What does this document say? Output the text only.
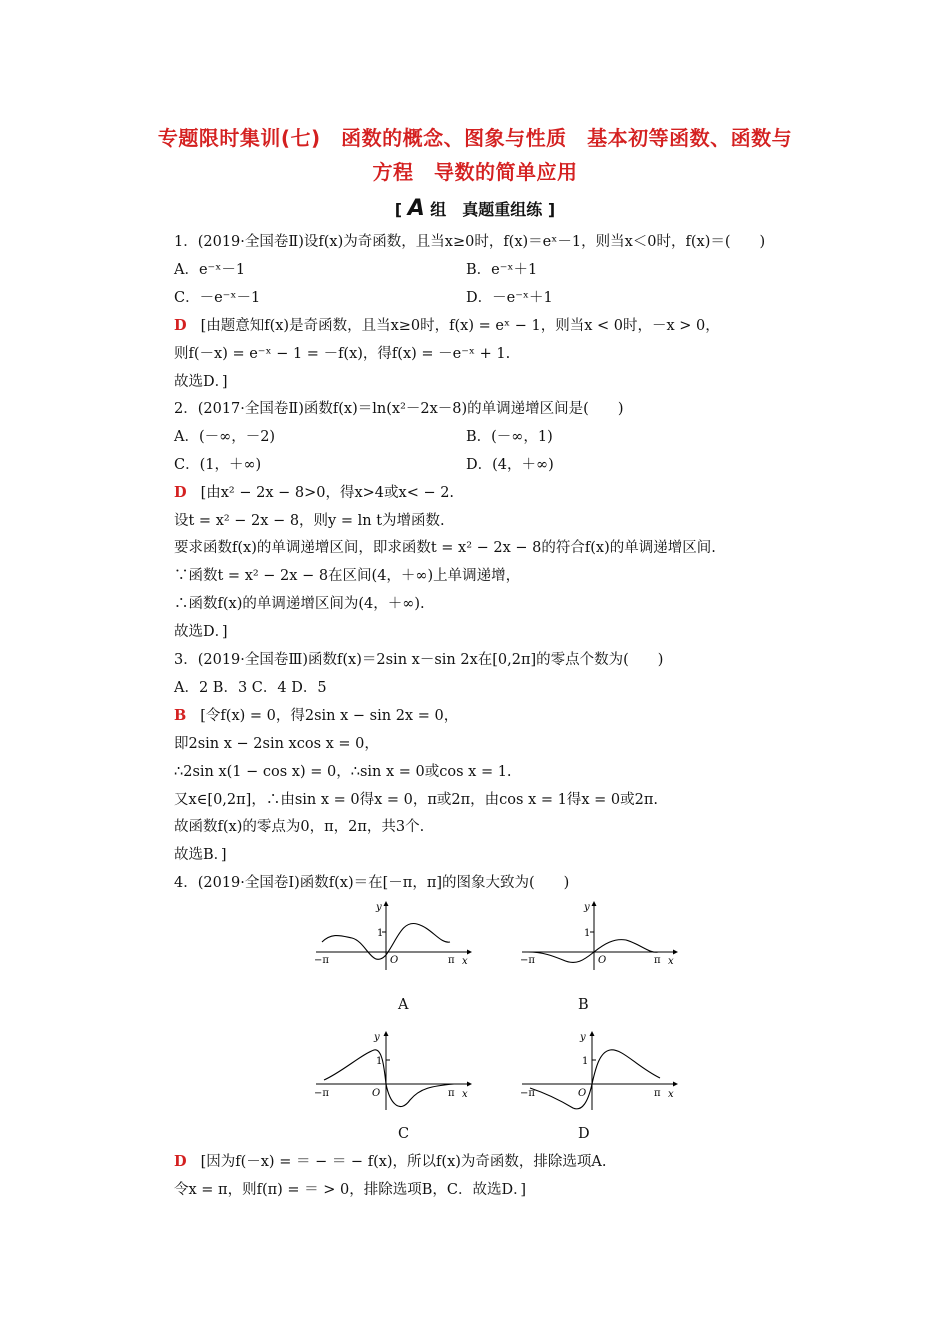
专题限时集训(七)　函数的概念、图象与性质　基本初等函数、函数与
方程　导数的简单应用
[ A 组　真题重组练 ]
1．(2019·全国卷Ⅱ)设f(x)为奇函数，且当x≥0时，f(x)＝eˣ－1，则当x＜0时，f(x)＝(　　)
A．e⁻ˣ－1	B．e⁻ˣ＋1
C．－e⁻ˣ－1	D．－e⁻ˣ＋1
D [由题意知f(x)是奇函数，且当x≥0时，f(x) = eˣ − 1，则当x < 0时，－x > 0，
则f(－x) = e⁻ˣ − 1 = －f(x)，得f(x) = －e⁻ˣ + 1.
故选D．]
2．(2017·全国卷Ⅱ)函数f(x)＝ln(x²－2x－8)的单调递增区间是(　　)
A．(－∞，－2)	B．(－∞，1)
C．(1，＋∞)	D．(4，＋∞)
D [由x² − 2x − 8>0，得x>4或x< − 2.
设t = x² − 2x − 8，则y = ln t为增函数.
要求函数f(x)的单调递增区间，即求函数t = x² − 2x − 8的符合f(x)的单调递增区间.
∵函数t = x² − 2x − 8在区间(4，＋∞)上单调递增，
∴函数f(x)的单调递增区间为(4，＋∞).
故选D．]
3．(2019·全国卷Ⅲ)函数f(x)＝2sin x－sin 2x在[0,2π]的零点个数为(　　)
A．2 B．3 C．4 D．5
B [令f(x) = 0，得2sin x − sin 2x = 0，
即2sin x − 2sin xcos x = 0，
∴2sin x(1 − cos x) = 0，∴sin x = 0或cos x = 1.
又x∈[0,2π]，∴由sin x = 0得x = 0，π或2π，由cos x = 1得x = 0或2π.
故函数f(x)的零点为0，π，2π，共3个.
故选B．]
4．(2019·全国卷Ⅰ)函数f(x)＝在[－π，π]的图象大致为(　　)
y
x
1
O
−π	π
A
y
x
1
O
−π	π
B
y
x
1
O
−π	π
C
y
x
1
O
−π	π
D
D [因为f(－x) = ＝ − ＝ − f(x)，所以f(x)为奇函数，排除选项A.
令x = π，则f(π) = ＝ > 0，排除选项B，C．故选D．]
